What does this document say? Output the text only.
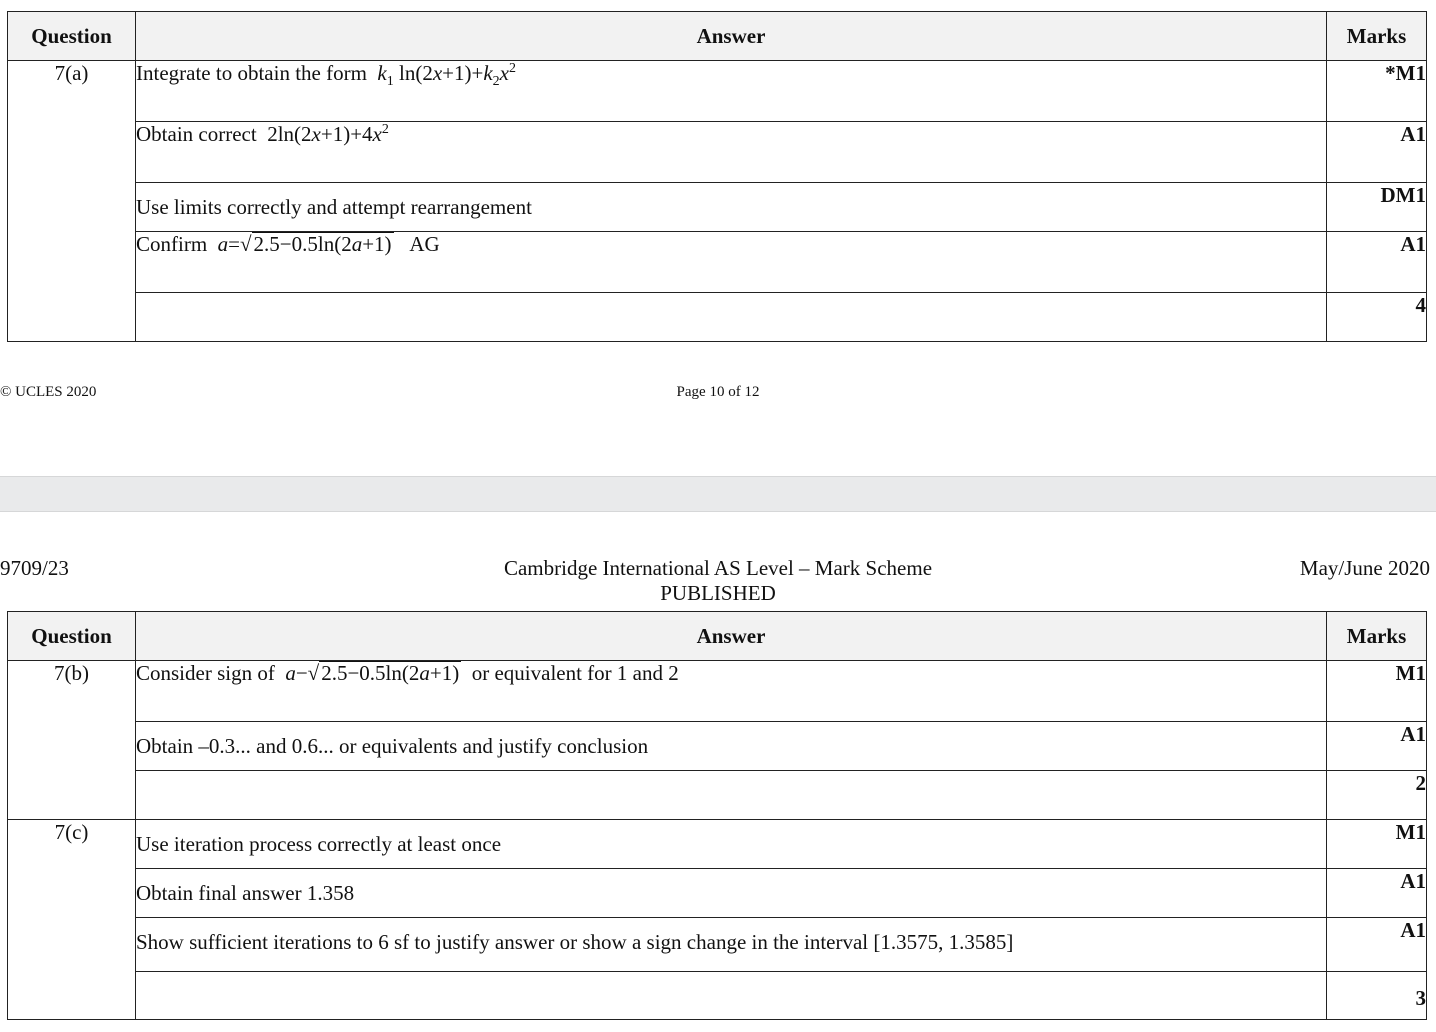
Question	Answer	Marks
7(a)	Integrate to obtain the form  $k_1$ $\ln(2x+1)+k_2x^2$	*M1
	Obtain correct  $2\ln(2x+1)+4x^2$	A1
	Use limits correctly and attempt rearrangement	DM1
	Confirm a=√2.5−0.5ln(2a+1) AG	A1
		4
© UCLES 2020	Page 10 of 12
9709/23	Cambridge International AS Level – Mark Scheme
PUBLISHED
May/June 2020
Question	Answer	Marks
7(b)	Consider sign of a−√2.5−0.5ln(2a+1) or equivalent for 1 and 2	M1
	Obtain –0.3... and 0.6... or equivalents and justify conclusion	A1
		2
7(c)	Use iteration process correctly at least once	M1
	Obtain final answer 1.358	A1
	Show sufficient iterations to 6 sf to justify answer or show a sign change in the interval [1.3575, 1.3585]	A1
		3
